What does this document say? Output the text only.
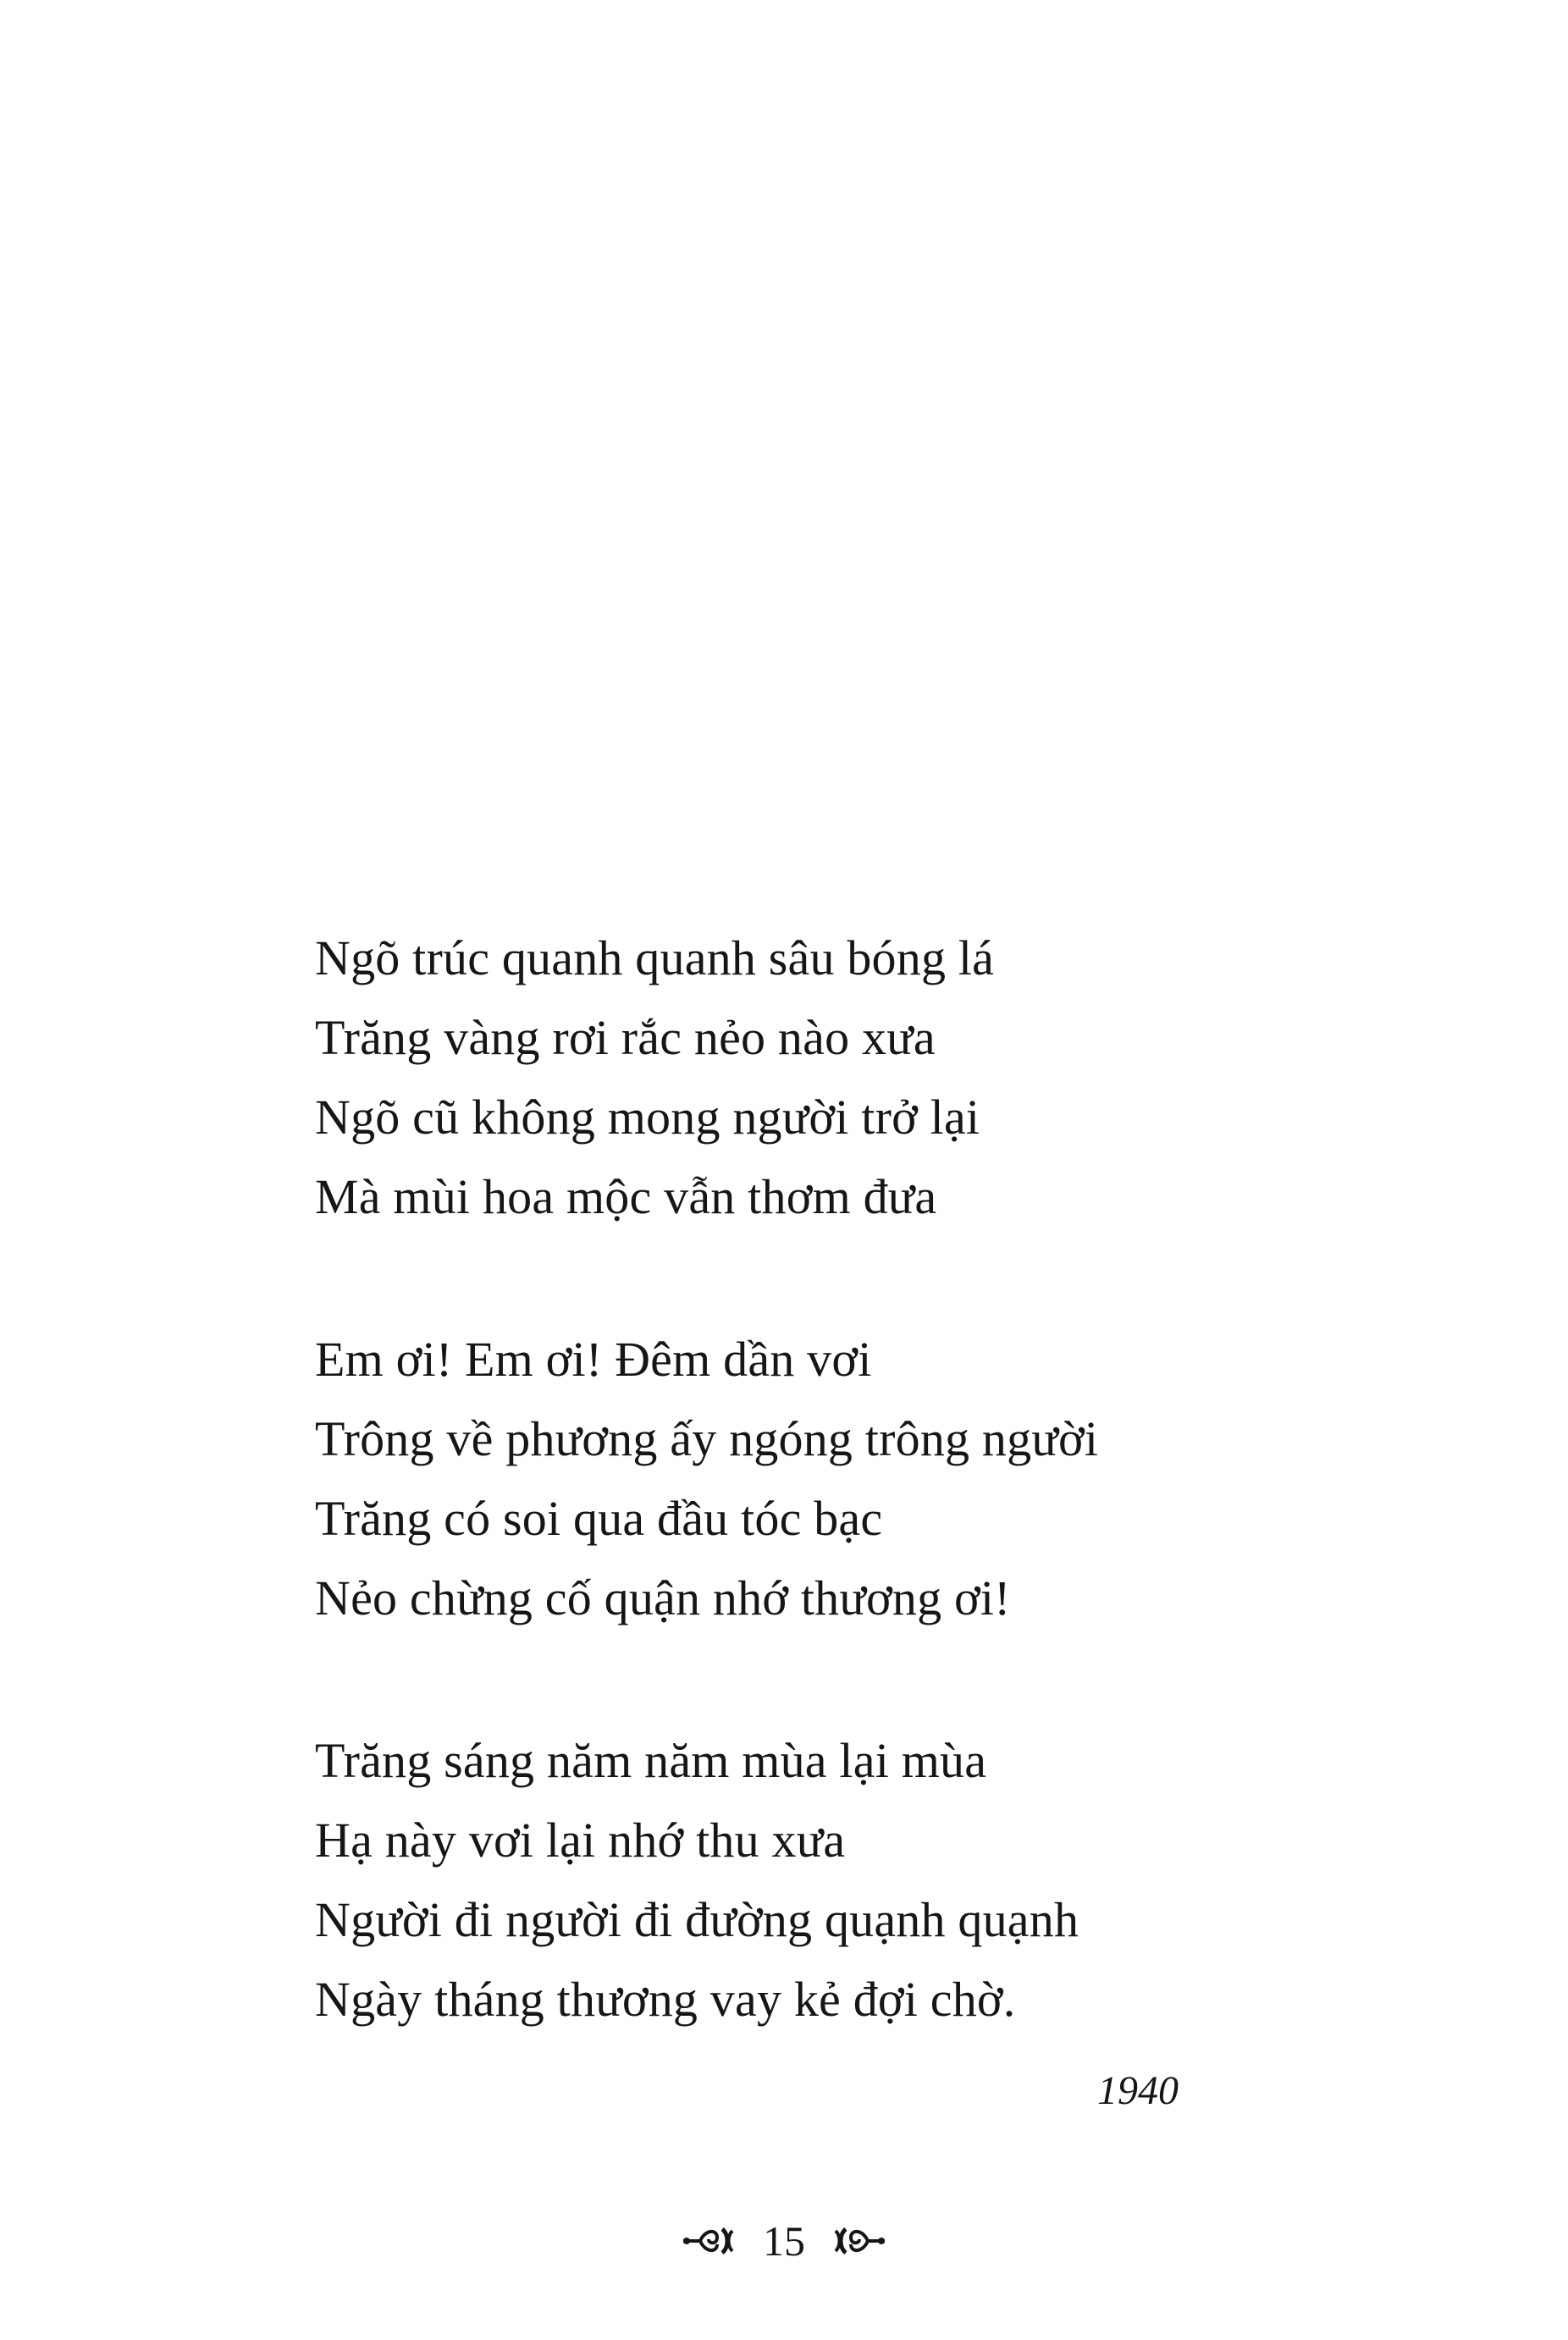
Ngõ trúc quanh quanh sâu bóng lá
Trăng vàng rơi rắc nẻo nào xưa
Ngõ cũ không mong người trở lại
Mà mùi hoa mộc vẫn thơm đưa
Em ơi! Em ơi! Đêm dần vơi
Trông về phương ấy ngóng trông người
Trăng có soi qua đầu tóc bạc
Nẻo chừng cố quận nhớ thương ơi!
Trăng sáng năm năm mùa lại mùa
Hạ này vơi lại nhớ thu xưa
Người đi người đi đường quạnh quạnh
Ngày tháng thương vay kẻ đợi chờ.
1940
15
